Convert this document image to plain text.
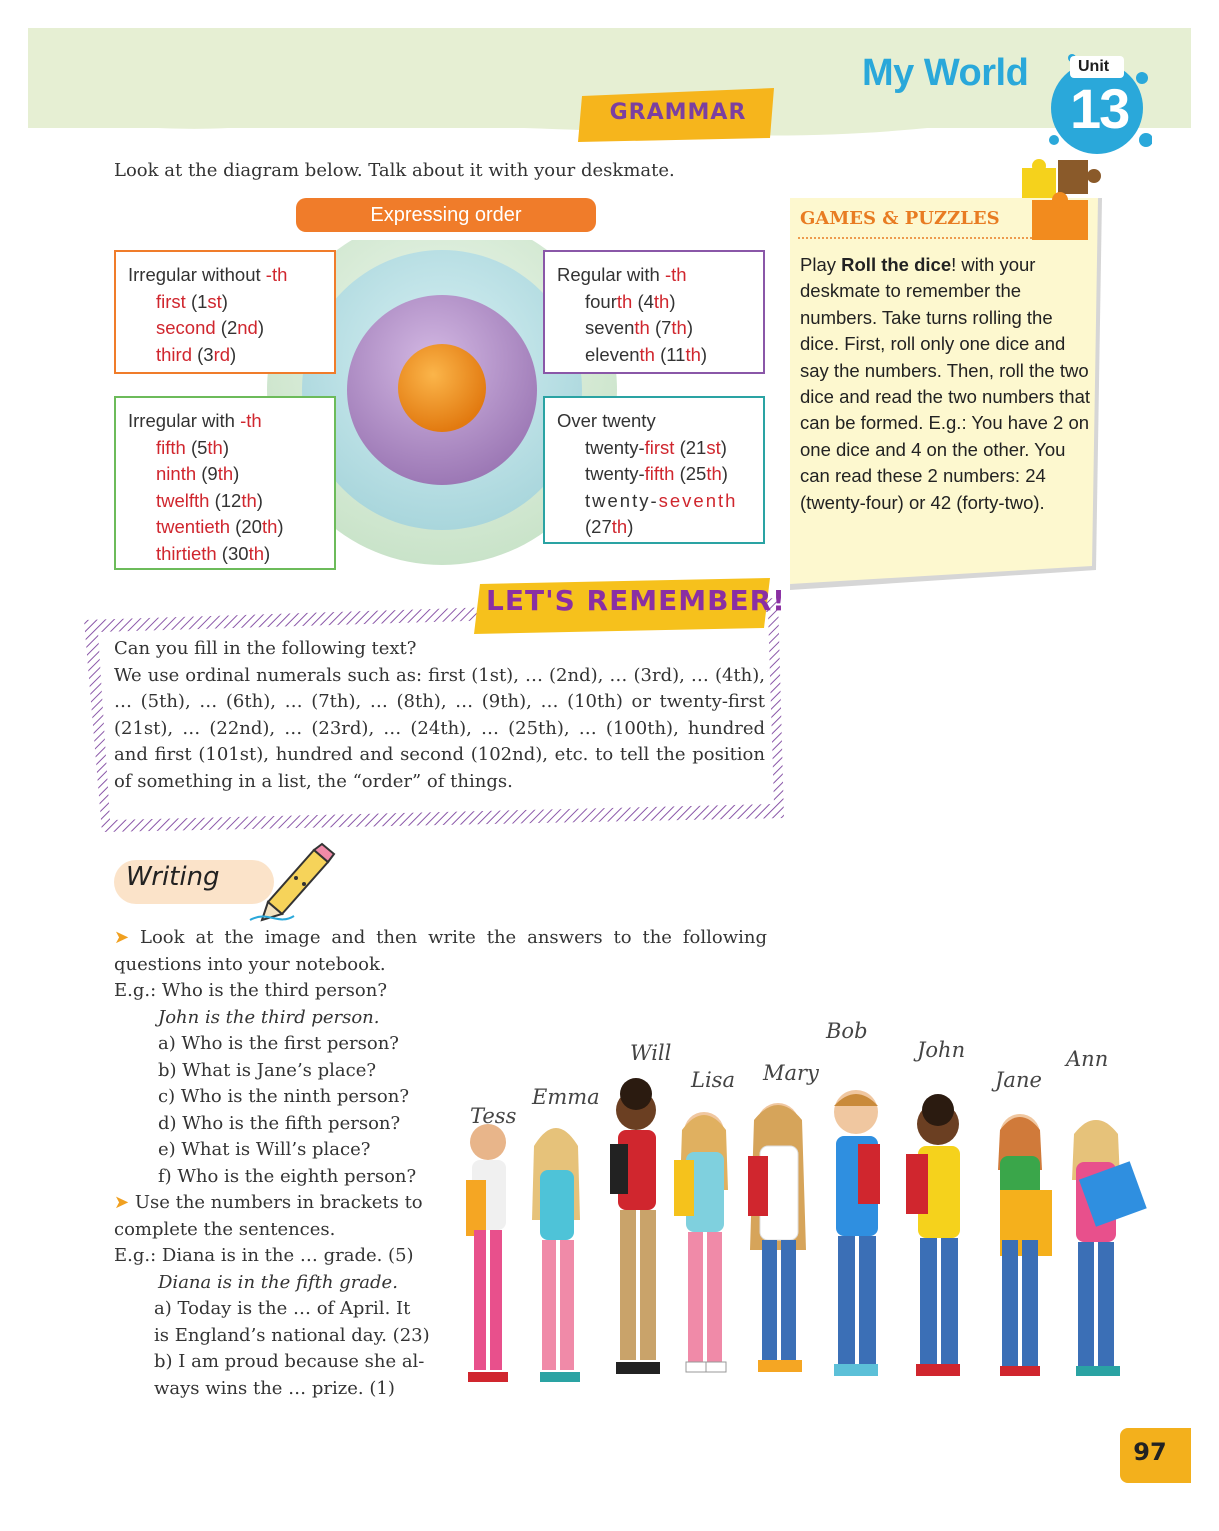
My World	Unit
13
GRAMMAR
Look at the diagram below. Talk about it with your deskmate.
Expressing order
Irregular without -th
first (1st)
second (2nd)
third (3rd)
Regular with -th
fourth (4th)
seventh (7th)
eleventh (11th)
Irregular with -th
fifth (5th)
ninth (9th)
twelfth (12th)
twentieth (20th)
thirtieth (30th)
Over twenty
twenty-first (21st)
twenty-fifth (25th)
twenty-seventh
(27th)
GAMES & PUZZLES
Play Roll the dice! with your deskmate to remember the numbers. Take turns rolling the dice. First, roll only one dice and say the numbers. Then, roll the two dice and read the two numbers that can be formed. E.g.: You have 2 on one dice and 4 on the other. You can read these 2 numbers: 24 (twenty-four) or 42 (forty-two).
LET'S REMEMBER!

Can you fill in the following text?

We use ordinal numerals such as: first (1st), … (2nd), … (3rd), … (4th), … (5th), … (6th), … (7th), … (8th), … (9th), … (10th) or twenty-first (21st), … (22nd), … (23rd), … (24th), … (25th), … (100th), hundred and first (101st), hundred and second (102nd), etc. to tell the position of something in a list, the “order” of things.

Writing
➤ Look at the image and then write the answers to the following questions into your notebook.
E.g.: Who is the third person?
John is the third person.
a) Who is the first person?
b) What is Jane’s place?
c) Who is the ninth person?
d) Who is the fifth person?
e) What is Will’s place?
f) Who is the eighth person?
➤ Use the numbers in brackets to
complete the sentences.
E.g.: Diana is in the … grade. (5)
Diana is in the fifth grade.
a) Today is the … of April. It
is England’s national day. (23)
b) I am proud because she al-
ways wins the … prize. (1)
Tess
Emma
Will
Lisa Mary
Bob
John
Jane
Ann
97
